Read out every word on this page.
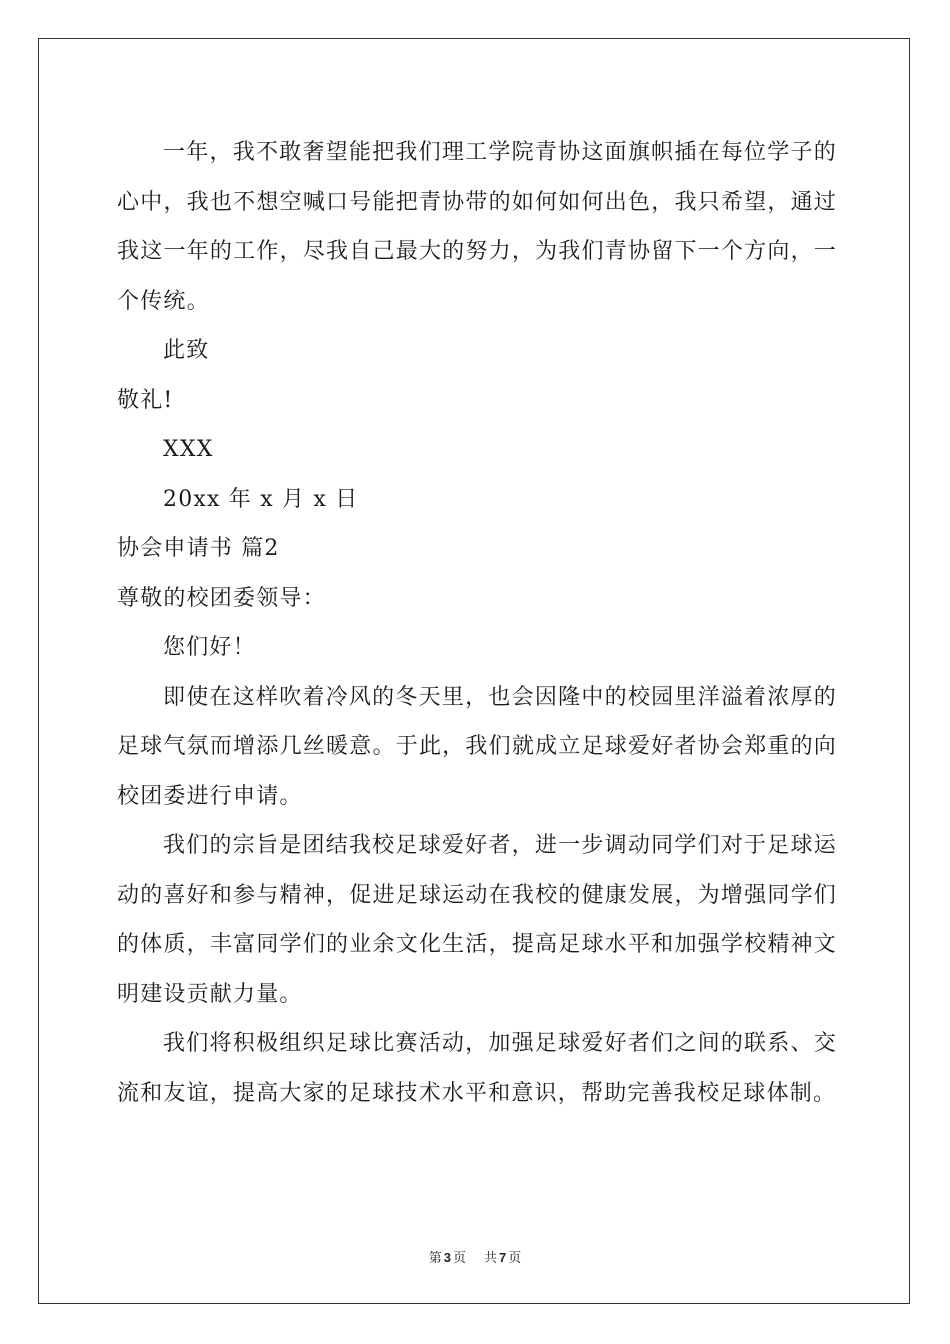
一年，我不敢奢望能把我们理工学院青协这面旗帜插在每位学子的心中，我也不想空喊口号能把青协带的如何如何出色，我只希望，通过我这一年的工作，尽我自己最大的努力，为我们青协留下一个方向，一个传统。

此致

敬礼!

XXX

20xx 年 x 月 x 日

协会申请书 篇2

尊敬的校团委领导：

您们好！

即使在这样吹着冷风的冬天里，也会因隆中的校园里洋溢着浓厚的足球气氛而增添几丝暖意。于此，我们就成立足球爱好者协会郑重的向校团委进行申请。

我们的宗旨是团结我校足球爱好者，进一步调动同学们对于足球运动的喜好和参与精神，促进足球运动在我校的健康发展，为增强同学们的体质，丰富同学们的业余文化生活，提高足球水平和加强学校精神文明建设贡献力量。

我们将积极组织足球比赛活动，加强足球爱好者们之间的联系、交流和友谊，提高大家的足球技术水平和意识，帮助完善我校足球体制。

第 3 页 共 7 页
